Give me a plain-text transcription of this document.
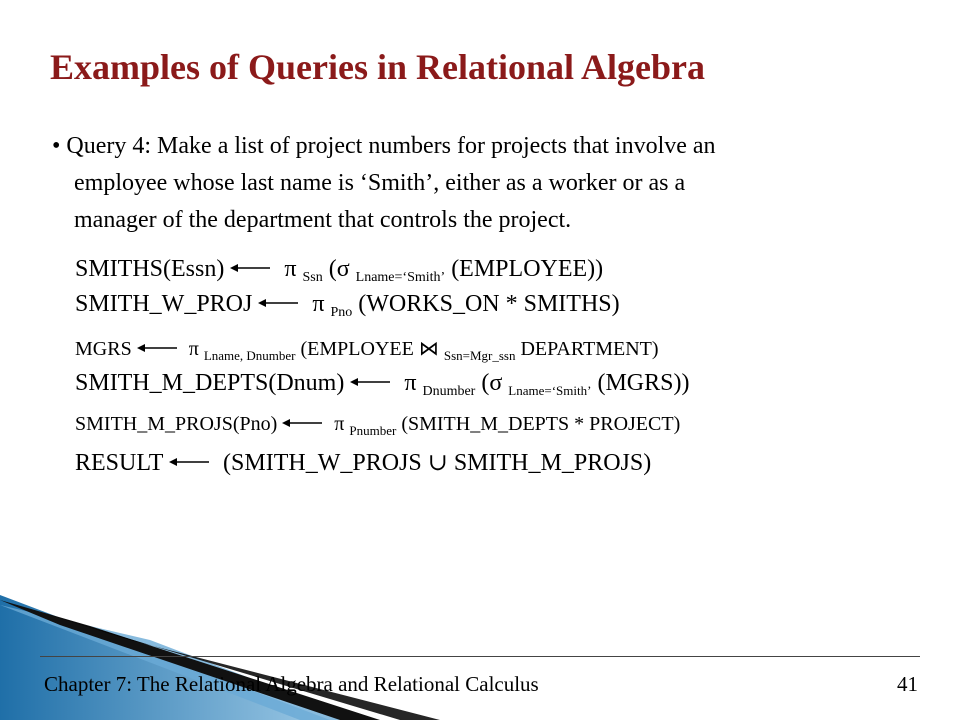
Examples of Queries in Relational Algebra
• Query 4: Make a list of project numbers for projects that involve an
employee whose last name is ‘Smith’, either as a worker or as a
manager of the department that controls the project.
SMITHS(Essn)	π $_{Ssn}$ (σ $_{Lname=‘Smith’}$ (EMPLOYEE))
SMITH_W_PROJ	π $_{Pno}$ (WORKS_ON * SMITHS)
MGRS	π $_{Lname, Dnumber}$ (EMPLOYEE ⋈ $_{Ssn=Mgr\_ssn}$ DEPARTMENT)
SMITH_M_DEPTS(Dnum)	π $_{Dnumber}$ (σ $_{Lname=‘Smith’}$ (MGRS))
SMITH_M_PROJS(Pno)	π $_{Pnumber}$ (SMITH_M_DEPTS * PROJECT)
RESULT	(SMITH_W_PROJS ∪ SMITH_M_PROJS)
Chapter 7: The Relational Algebra and Relational Calculus	41
